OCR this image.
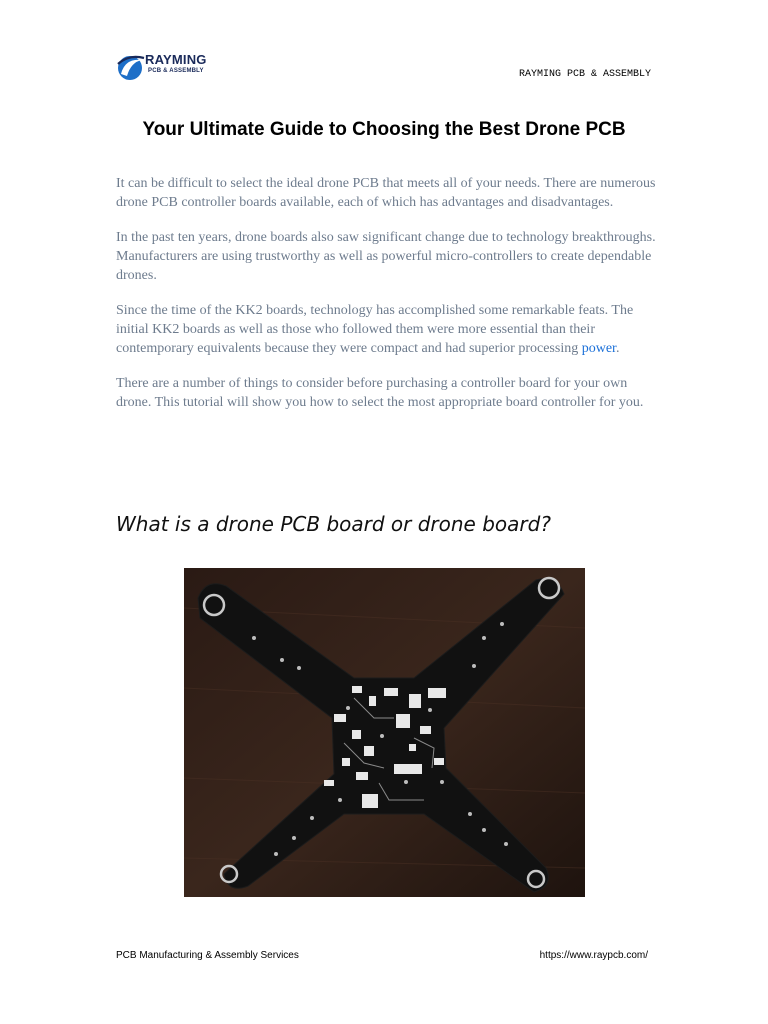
RAYMING
PCB & ASSEMBLY	RAYMING PCB & ASSEMBLY
Your Ultimate Guide to Choosing the Best Drone PCB

It can be difficult to select the ideal drone PCB that meets all of your needs. There are numerous drone PCB controller boards available, each of which has advantages and disadvantages.

In the past ten years, drone boards also saw significant change due to technology breakthroughs. Manufacturers are using trustworthy as well as powerful micro-controllers to create dependable drones.

Since the time of the KK2 boards, technology has accomplished some remarkable feats. The initial KK2 boards as well as those who followed them were more essential than their contemporary equivalents because they were compact and had superior processing power.

There are a number of things to consider before purchasing a controller board for your own drone. This tutorial will show you how to select the most appropriate board controller for you.

What is a drone PCB board or drone board?
PCB Manufacturing & Assembly Services	https://www.raypcb.com/
